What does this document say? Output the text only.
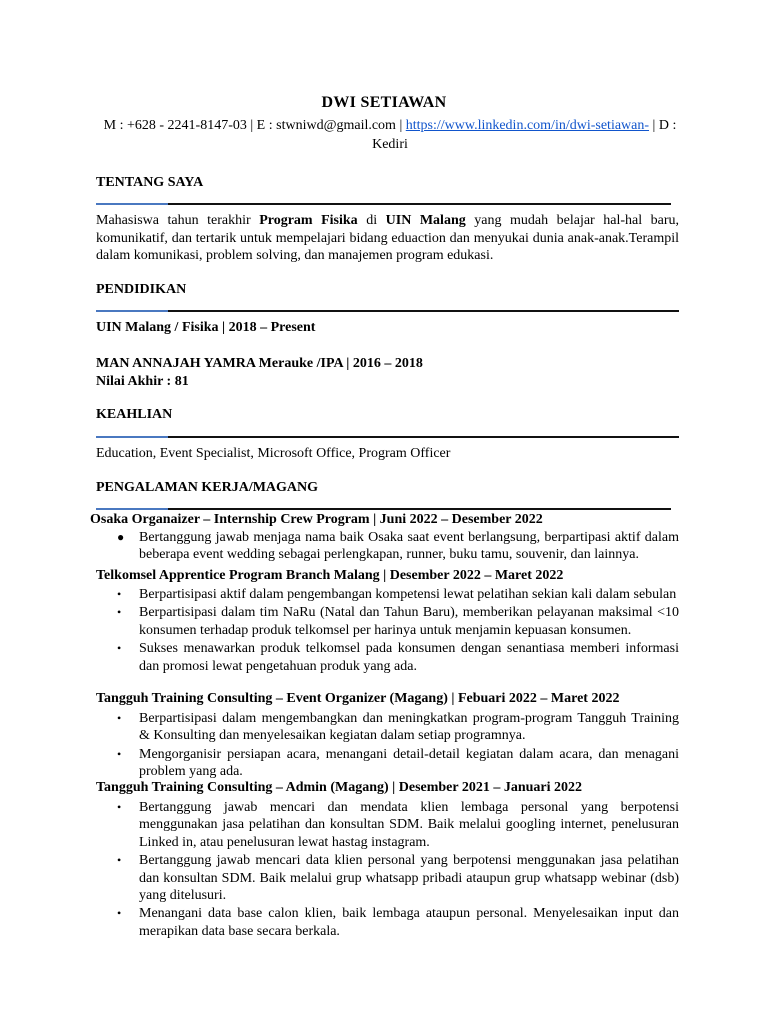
DWI SETIAWAN
M : +628 - 2241-8147-03 | E : stwniwd@gmail.com | https://www.linkedin.com/in/dwi-setiawan- | D : Kediri
TENTANG SAYA
Mahasiswa tahun terakhir Program Fisika di UIN Malang yang mudah belajar hal-hal baru, komunikatif, dan tertarik untuk mempelajari bidang eduaction dan menyukai dunia anak-anak.Terampil dalam komunikasi, problem solving, dan manajemen program edukasi.
PENDIDIKAN
UIN Malang / Fisika | 2018 – Present
MAN ANNAJAH YAMRA Merauke /IPA | 2016 – 2018
Nilai Akhir : 81
KEAHLIAN
Education, Event Specialist, Microsoft Office, Program Officer
PENGALAMAN KERJA/MAGANG
Osaka Organaizer – Internship Crew Program | Juni 2022 – Desember 2022
● Bertanggung jawab menjaga nama baik Osaka saat event berlangsung, berpartipasi aktif dalam beberapa event wedding sebagai perlengkapan, runner, buku tamu, souvenir, dan lainnya.
Telkomsel Apprentice Program Branch Malang | Desember 2022 – Maret 2022
• Berpartisipasi aktif dalam pengembangan kompetensi lewat pelatihan sekian kali dalam sebulan
• Berpartisipasi dalam tim NaRu (Natal dan Tahun Baru), memberikan pelayanan maksimal <10 konsumen terhadap produk telkomsel per harinya untuk menjamin kepuasan konsumen.
• Sukses menawarkan produk telkomsel pada konsumen dengan senantiasa memberi informasi dan promosi lewat pengetahuan produk yang ada.
Tangguh Training Consulting – Event Organizer (Magang) | Febuari 2022 – Maret 2022
• Berpartisipasi dalam mengembangkan dan meningkatkan program-program Tangguh Training & Konsulting dan menyelesaikan kegiatan dalam setiap programnya.
• Mengorganisir persiapan acara, menangani detail-detail kegiatan dalam acara, dan menagani problem yang ada.
Tangguh Training Consulting – Admin (Magang) | Desember 2021 – Januari 2022
• Bertanggung jawab mencari dan mendata klien lembaga personal yang berpotensi menggunakan jasa pelatihan dan konsultan SDM. Baik melalui googling internet, penelusuran Linked in, atau penelusuran lewat hastag instagram.
• Bertanggung jawab mencari data klien personal yang berpotensi menggunakan jasa pelatihan dan konsultan SDM. Baik melalui grup whatsapp pribadi ataupun grup whatsapp webinar (dsb) yang ditelusuri.
• Menangani data base calon klien, baik lembaga ataupun personal. Menyelesaikan input dan merapikan data base secara berkala.
